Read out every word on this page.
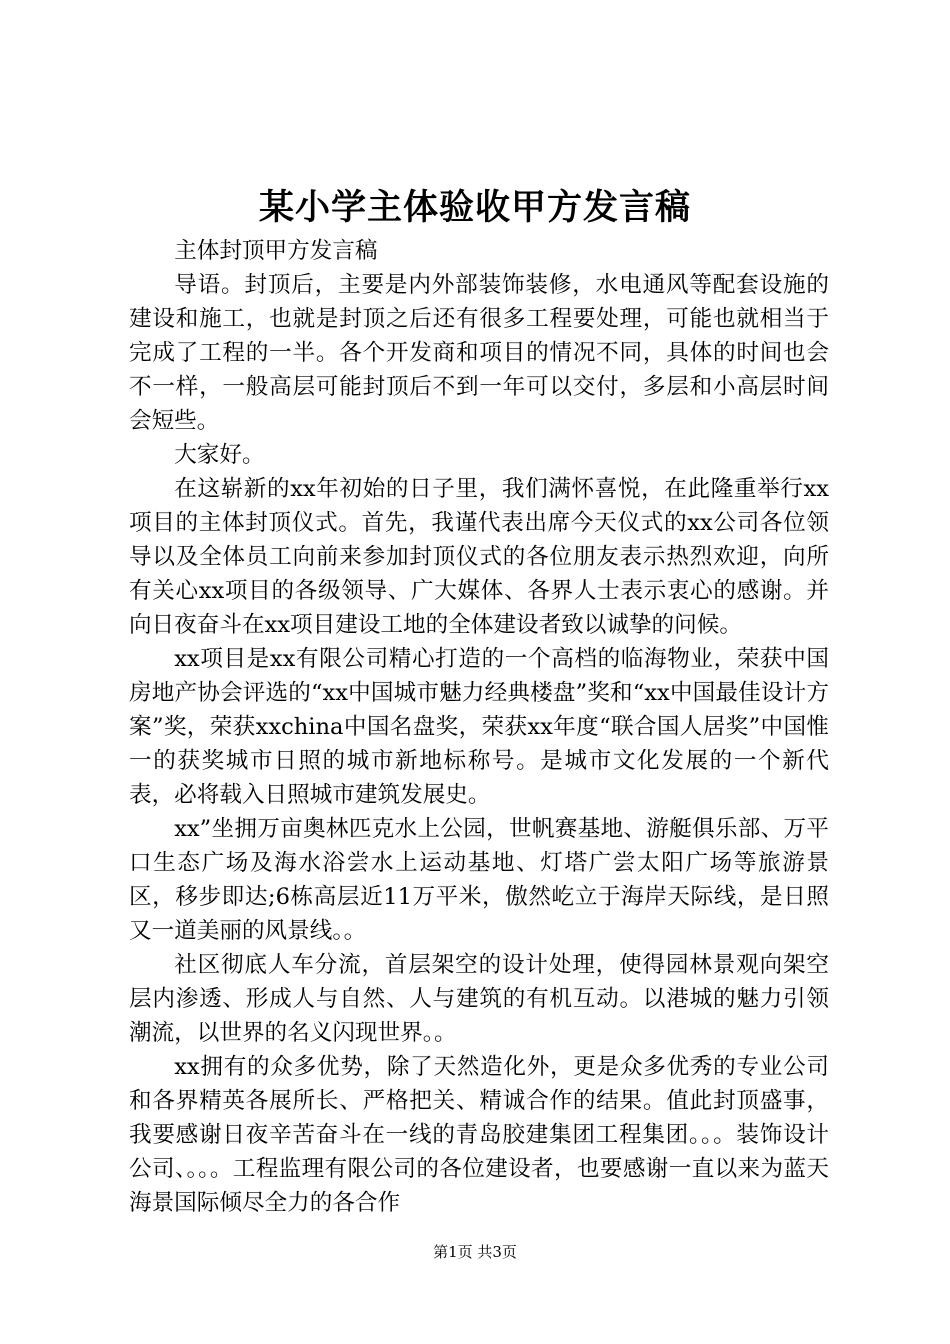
某小学主体验收甲方发言稿

主体封顶甲方发言稿

导语。封顶后，主要是内外部装饰装修，水电通风等配套设施的建设和施工，也就是封顶之后还有很多工程要处理，可能也就相当于完成了工程的一半。各个开发商和项目的情况不同，具体的时间也会不一样，一般高层可能封顶后不到一年可以交付，多层和小高层时间会短些。

大家好。

在这崭新的xx年初始的日子里，我们满怀喜悦，在此隆重举行xx项目的主体封顶仪式。首先，我谨代表出席今天仪式的xx公司各位领导以及全体员工向前来参加封顶仪式的各位朋友表示热烈欢迎，向所有关心xx项目的各级领导、广大媒体、各界人士表示衷心的感谢。并向日夜奋斗在xx项目建设工地的全体建设者致以诚挚的问候。

xx项目是xx有限公司精心打造的一个高档的临海物业，荣获中国房地产协会评选的“xx中国城市魅力经典楼盘”奖和“xx中国最佳设计方案”奖，荣获xxchina中国名盘奖，荣获xx年度“联合国人居奖”中国惟一的获奖城市日照的城市新地标称号。是城市文化发展的一个新代表，必将载入日照城市建筑发展史。

xx”坐拥万亩奥林匹克水上公园，世帆赛基地、游艇俱乐部、万平口生态广场及海水浴尝水上运动基地、灯塔广尝太阳广场等旅游景区，移步即达;6栋高层近11万平米，傲然屹立于海岸天际线，是日照又一道美丽的风景线。。

社区彻底人车分流，首层架空的设计处理，使得园林景观向架空层内渗透、形成人与自然、人与建筑的有机互动。以港城的魅力引领潮流，以世界的名义闪现世界。。

xx拥有的众多优势，除了天然造化外，更是众多优秀的专业公司和各界精英各展所长、严格把关、精诚合作的结果。值此封顶盛事，我要感谢日夜辛苦奋斗在一线的青岛胶建集团工程集团。。。装饰设计公司、。。。工程监理有限公司的各位建设者，也要感谢一直以来为蓝天海景国际倾尽全力的各合作

第1页 共3页
